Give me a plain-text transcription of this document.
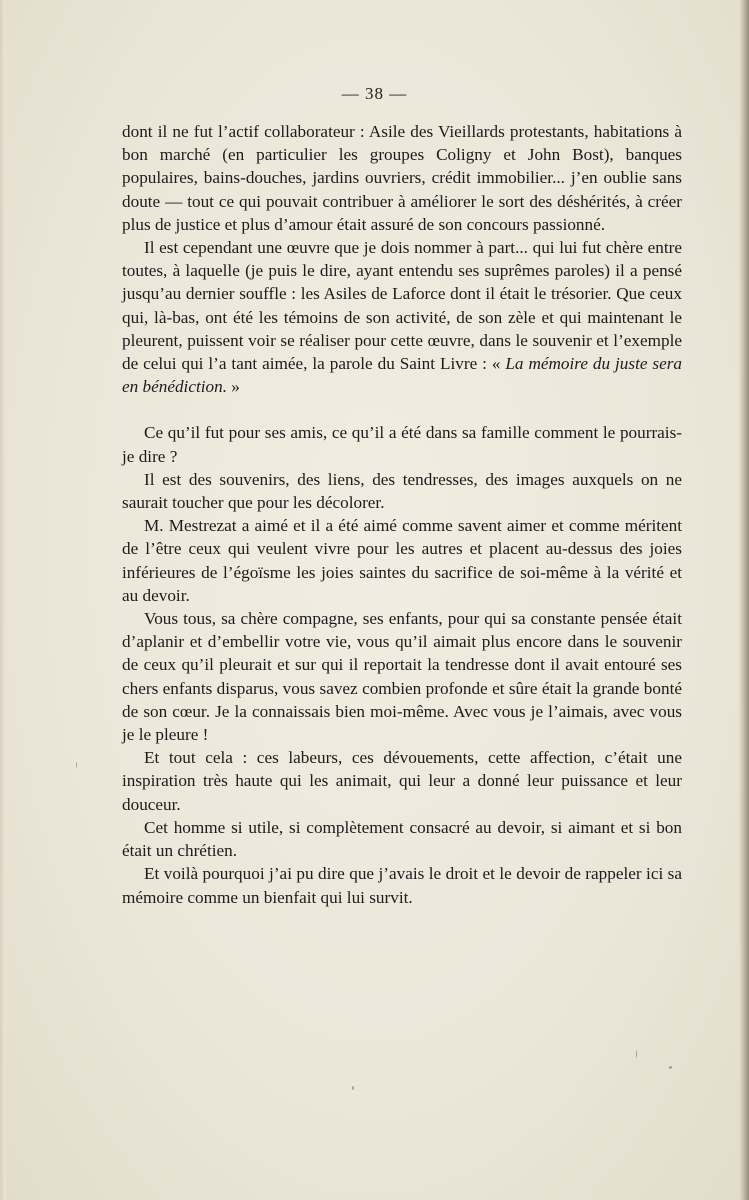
— 38 —

dont il ne fut l’actif collaborateur : Asile des Vieillards protestants, habitations à bon marché (en particulier les groupes Coligny et John Bost), banques populaires, bains-douches, jardins ouvriers, crédit immobilier... j’en oublie sans doute — tout ce qui pouvait contribuer à améliorer le sort des déshérités, à créer plus de justice et plus d’amour était assuré de son concours passionné.

Il est cependant une œuvre que je dois nommer à part... qui lui fut chère entre toutes, à laquelle (je puis le dire, ayant entendu ses suprêmes paroles) il a pensé jusqu’au dernier souffle : les Asiles de Laforce dont il était le trésorier. Que ceux qui, là-bas, ont été les témoins de son activité, de son zèle et qui maintenant le pleurent, puissent voir se réaliser pour cette œuvre, dans le souvenir et l’exemple de celui qui l’a tant aimée, la parole du Saint Livre : « La mémoire du juste sera en bénédiction. »

Ce qu’il fut pour ses amis, ce qu’il a été dans sa famille comment le pourrais-je dire ?

Il est des souvenirs, des liens, des tendresses, des images auxquels on ne saurait toucher que pour les décolorer.

M. Mestrezat a aimé et il a été aimé comme savent aimer et comme méritent de l’être ceux qui veulent vivre pour les autres et placent au-dessus des joies inférieures de l’égoïsme les joies saintes du sacrifice de soi-même à la vérité et au devoir.

Vous tous, sa chère compagne, ses enfants, pour qui sa constante pensée était d’aplanir et d’embellir votre vie, vous qu’il aimait plus encore dans le souvenir de ceux qu’il pleurait et sur qui il reportait la tendresse dont il avait entouré ses chers enfants disparus, vous savez combien profonde et sûre était la grande bonté de son cœur. Je la connaissais bien moi-même. Avec vous je l’aimais, avec vous je le pleure !

Et tout cela : ces labeurs, ces dévouements, cette affection, c’était une inspiration très haute qui les animait, qui leur a donné leur puissance et leur douceur.

Cet homme si utile, si complètement consacré au devoir, si aimant et si bon était un chrétien.

Et voilà pourquoi j’ai pu dire que j’avais le droit et le devoir de rappeler ici sa mémoire comme un bienfait qui lui survit.
